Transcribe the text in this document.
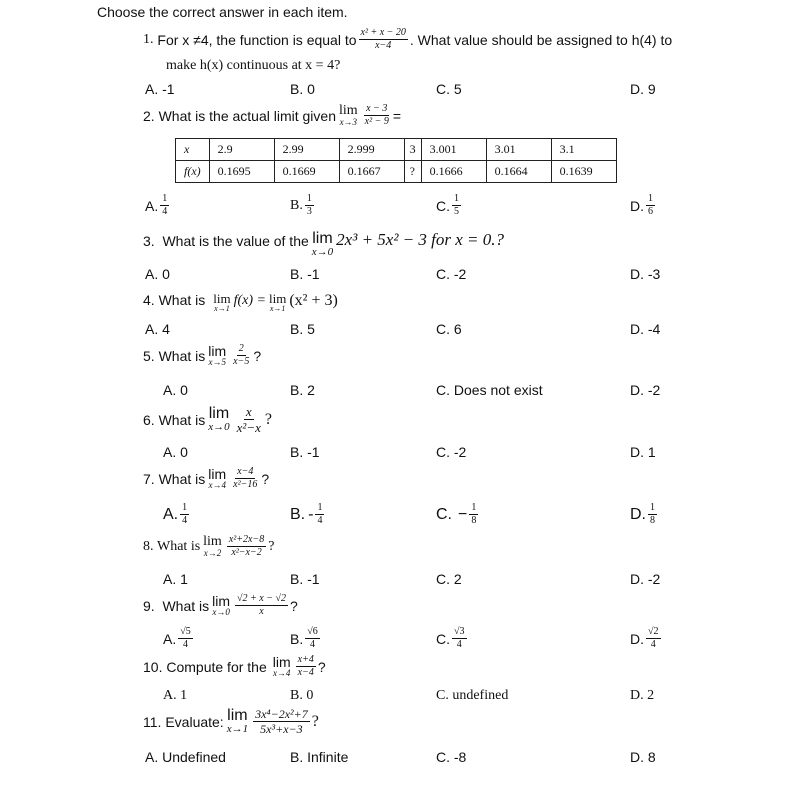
Choose the correct answer in each item.
1.
For x ≠4, the function is equal to $\frac{\text{x² + x − 20}}{x-4}$ . What value should be assigned to h(4) to
make h(x) continuous at x = 4?
A. -1	B. 0	C. 5	D. 9
2.
What is the actual limit given lim
$x\to 3 \frac{x - 3}{\text{x² − 9}}$ =
x	2.9	2.99	2.999	3	3.001	3.01	3.1
f(x)	0.1695	0.1669	0.1667	?	0.1666	0.1664	0.1639
A. $\frac{1}{4}$	B. $\frac{1}{3}$	C. $\frac{1}{5}$	D. $\frac{1}{6}$
3.
What is the value of the lim
x→0
2x³ + 5x² − 3 for x = 0.?
A. 0	B. -1	C. -2	D. -3
4.
What is lim
x→1
f(x) = lim
x→1 (x² + 3)
A. 4	B. 5	C. 6	D. -4
5.
What is lim
$x\to 5 \frac{2}{x-5}$ ?
A. 0	B. 2	C. Does not exist	D. -2
6.
What is lim
$x\to 0 \frac{x}{\text{x²−x}}$ ?
A. 0	B. -1	C. -2	D. 1
7.
What is lim
$x\to 4 \frac{x-4}{\text{x²−16}}$ ?
A. $\frac{1}{4}$	B. - $\frac{1}{4}$	C. − $\frac{1}{8}$	D. $\frac{1}{8}$
8.
What is lim
$x\to 2 \frac{\text{x²+2x−8}}{\text{x²−x−2}}$ ?
A. 1	B. -1	C. 2	D. -2
9.
What is lim
$x\to 0 \frac{√2 + x - √2}{x}$ ?
A. $\frac{√5}{4}$	B. $\frac{√6}{4}$	C. $\frac{√3}{4}$	D. $\frac{√2}{4}$
10.
Compute for the lim
$x\to 4 \frac{x+4}{x-4}$ ?
A. 1	B. 0	C. undefined	D. 2
11.
Evaluate: lim
$x\to 1 \frac{\text{3x⁴−2x²+7}}{\text{5x³+x−3}}$ ?
A. Undefined	B. Infinite	C. -8	D. 8
